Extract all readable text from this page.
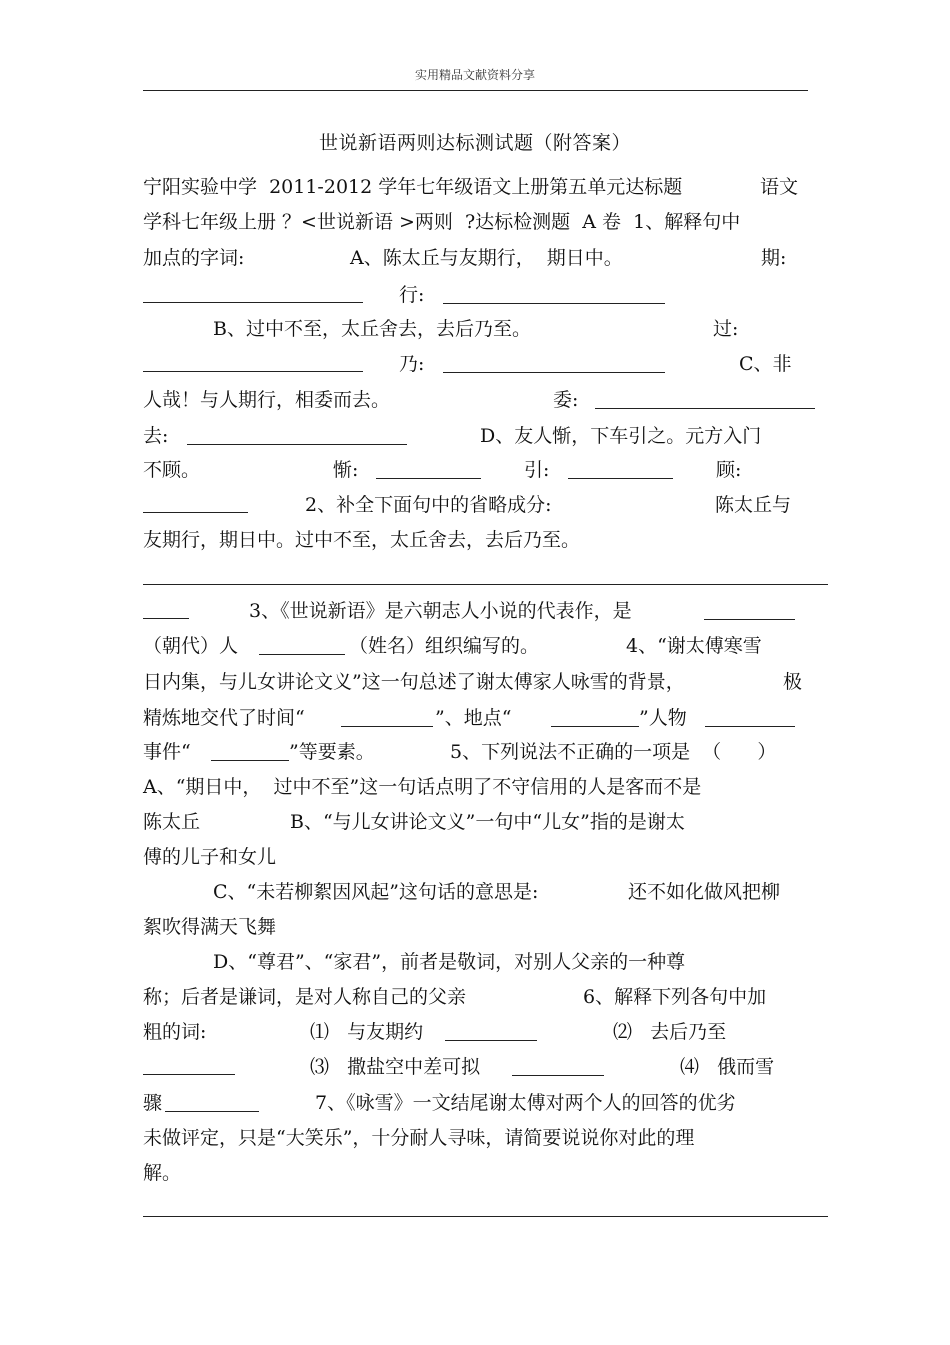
实用精品文献资料分享
世说新语两则达标测试题（附答案）
宁阳实验中学  2011-2012 学年七年级语文上册第五单元达标题	语文
学科七年级上册 ？<世说新语 >两则  ?达标检测题  A 卷  1、解释句中
加点的字词:	A、陈太丘与友期行，  期日中。	期:
行:
B、过中不至，太丘舍去，去后乃至。	过:
乃:	C、非
人哉！与人期行，相委而去。	委:
去:	D、友人惭，下车引之。元方入门
不顾。	惭:	引:	顾:
2、补全下面句中的省略成分:	陈太丘与
友期行，期日中。过中不至，太丘舍去，去后乃至。
3、《世说新语》是六朝志人小说的代表作，是
（朝代）人	（姓名）组织编写的。	4、“谢太傅寒雪
日内集，与儿女讲论文义”这一句总述了谢太傅家人咏雪的背景，	极
精炼地交代了时间“	”、地点“	”人物
事件“	”等要素。	5、下列说法不正确的一项是  （      ）
A、“期日中，  过中不至”这一句话点明了不守信用的人是客而不是
陈太丘	B、“与儿女讲论文义”一句中“儿女”指的是谢太
傅的儿子和女儿
C、“未若柳絮因风起”这句话的意思是:	还不如化做风把柳
絮吹得满天飞舞
D、“尊君”、“家君”，前者是敬词，对别人父亲的一种尊
称；后者是谦词，是对人称自己的父亲	6、解释下列各句中加
粗的词:	⑴   与友期约	⑵   去后乃至
⑶   撒盐空中差可拟	⑷   俄而雪
骤	7、《咏雪》一文结尾谢太傅对两个人的回答的优劣
未做评定，只是“大笑乐”，十分耐人寻味，请简要说说你对此的理
解。
